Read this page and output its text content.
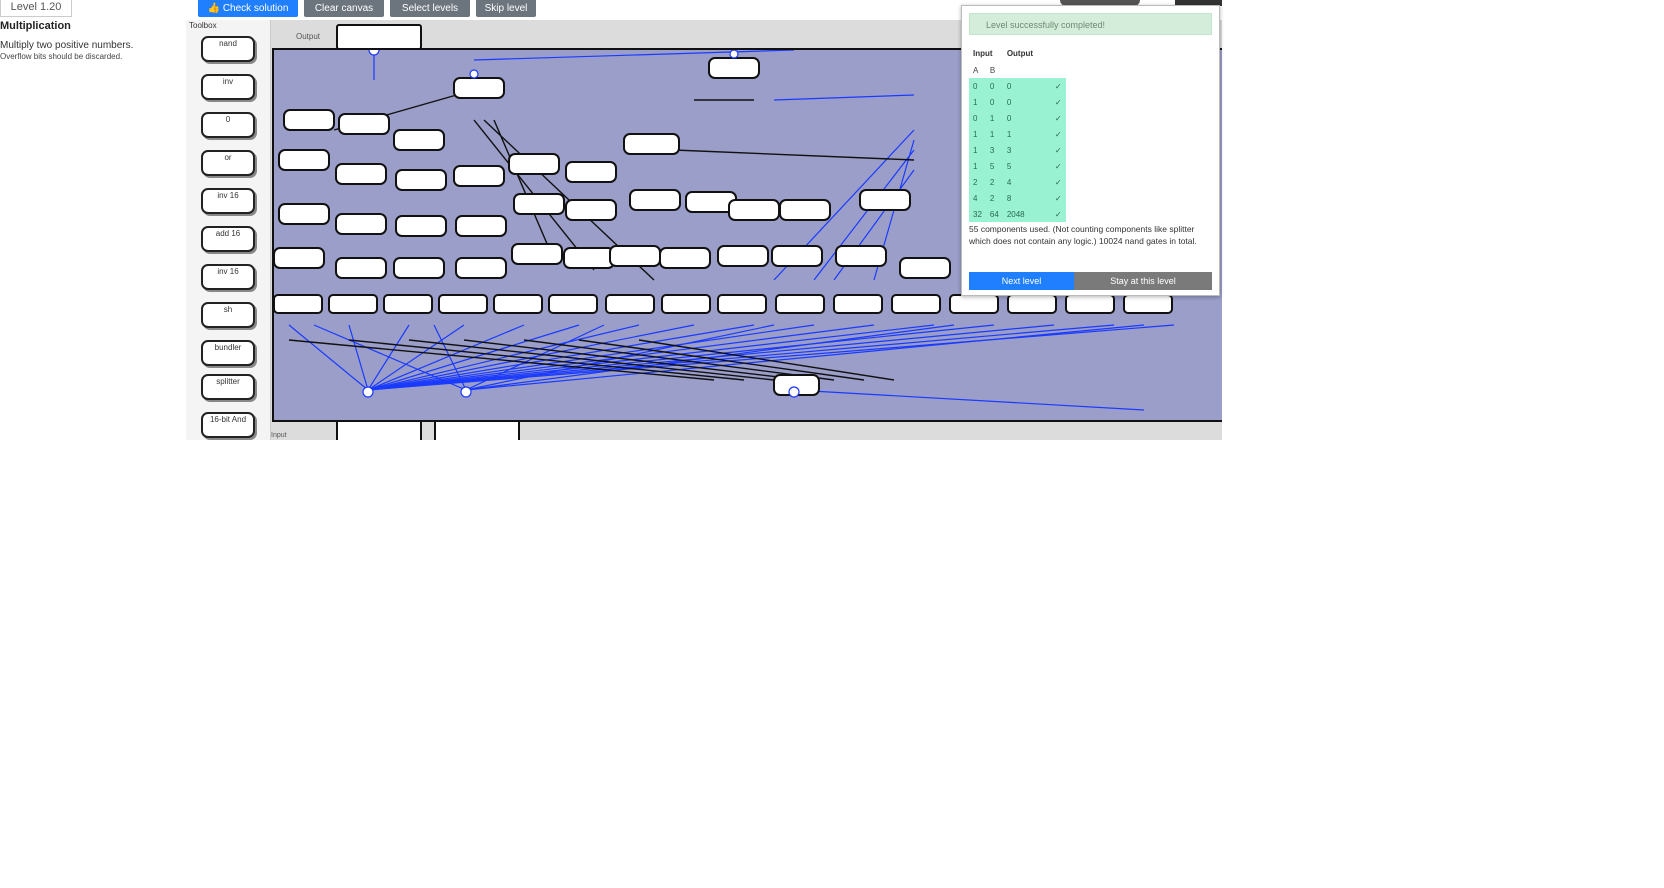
Level 1.20
Multiplication
Multiply two positive numbers.
Overflow bits should be discarded.
👍 Check solution	Clear canvas	Select levels	Skip level
Toolbox
nand
inv
0
or
inv 16
add 16
inv 16
sh
bundler
splitter
16-bit And
Output
Input
Level successfully completed!
Input		Output	
A	B		
0	0	0	✓
1	0	0	✓
0	1	0	✓
1	1	1	✓
1	3	3	✓
1	5	5	✓
2	2	4	✓
4	2	8	✓
32	64	2048	✓
55 components used. (Not counting components like splitter which does not contain any logic.) 10024 nand gates in total.
Next level	Stay at this level
